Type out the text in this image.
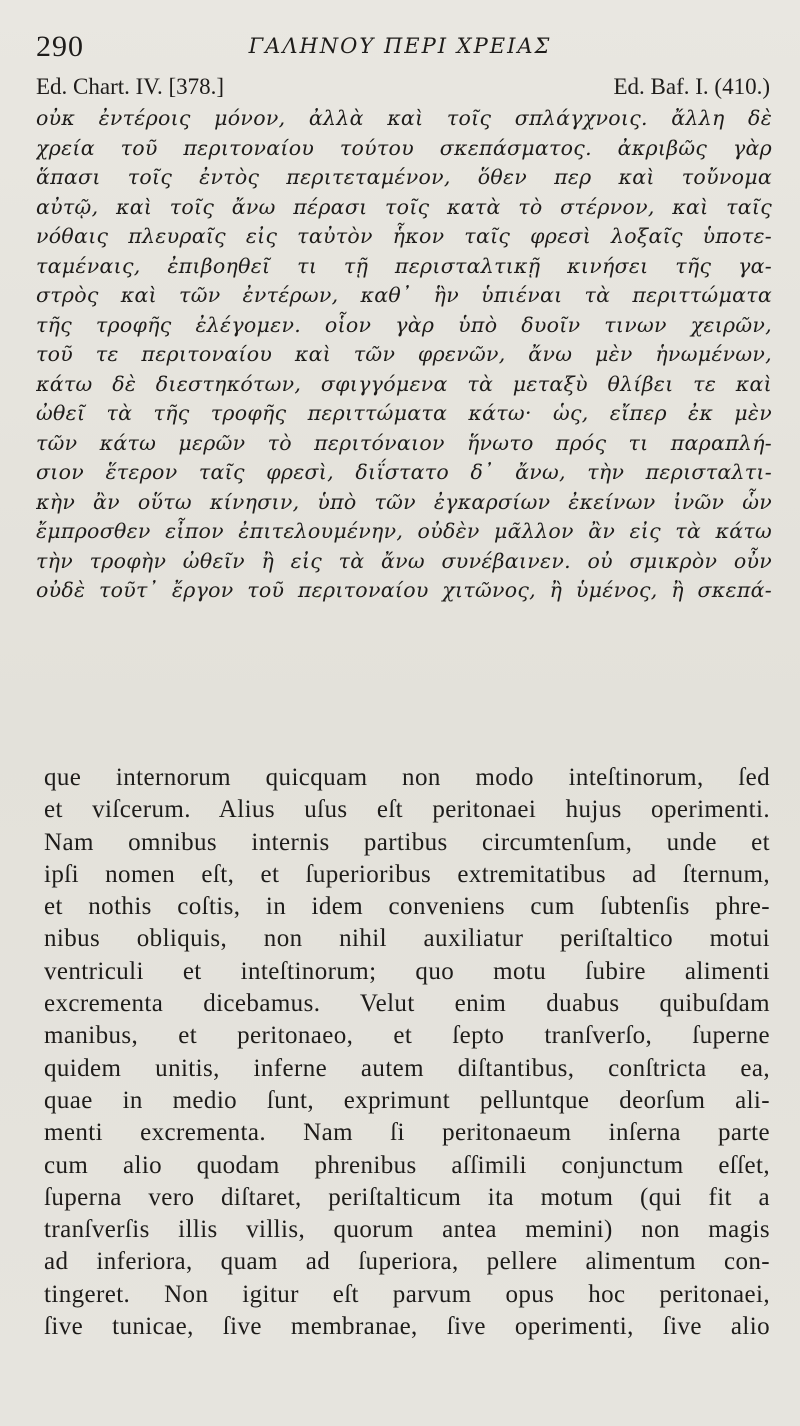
290	ΓΑΛΗΝΟΥ ΠΕΡΙ ΧΡΕΙΑΣ
Ed. Chart. IV. [378.]	Ed. Baf. I. (410.)
οὐκ ἐντέροις μόνον, ἀλλὰ καὶ τοῖς σπλάγχνοις. ἄλλη δὲ
χρεία τοῦ περιτοναίου τούτου σκεπάσματος. ἀκριβῶς γὰρ
ἅπασι τοῖς ἐντὸς περιτεταμένον, ὅθεν περ καὶ τοὔνομα
αὐτῷ, καὶ τοῖς ἄνω πέρασι τοῖς κατὰ τὸ στέρνον, καὶ ταῖς
νόθαις πλευραῖς εἰς ταὐτὸν ἧκον ταῖς φρεσὶ λοξαῖς ὑποτε-
ταμέναις, ἐπιβοηθεῖ τι τῇ περισταλτικῇ κινήσει τῆς γα-
στρὸς καὶ τῶν ἐντέρων, καθ᾽ ἣν ὑπιέναι τὰ περιττώματα
τῆς τροφῆς ἐλέγομεν. οἷον γὰρ ὑπὸ δυοῖν τινων χειρῶν,
τοῦ τε περιτοναίου καὶ τῶν φρενῶν, ἄνω μὲν ἡνωμένων,
κάτω δὲ διεστηκότων, σφιγγόμενα τὰ μεταξὺ θλίβει τε καὶ
ὠθεῖ τὰ τῆς τροφῆς περιττώματα κάτω· ὡς, εἴπερ ἐκ μὲν
τῶν κάτω μερῶν τὸ περιτόναιον ἥνωτο πρός τι παραπλή-
σιον ἕτερον ταῖς φρεσὶ, διΐστατο δ᾽ ἄνω, τὴν περισταλτι-
κὴν ἂν οὕτω κίνησιν, ὑπὸ τῶν ἐγκαρσίων ἐκείνων ἰνῶν ὧν
ἔμπροσθεν εἶπον ἐπιτελουμένην, οὐδὲν μᾶλλον ἂν εἰς τὰ κάτω
τὴν τροφὴν ὠθεῖν ἢ εἰς τὰ ἄνω συνέβαινεν. οὐ σμικρὸν οὖν
οὐδὲ τοῦτ᾽ ἔργον τοῦ περιτοναίου χιτῶνος, ἢ ὑμένος, ἢ σκεπά-
que internorum quicquam non modo inteſtinorum, ſed
et viſcerum. Alius uſus eſt peritonaei hujus operimenti.
Nam omnibus internis partibus circumtenſum, unde et
ipſi nomen eſt, et ſuperioribus extremitatibus ad ſternum,
et nothis coſtis, in idem conveniens cum ſubtenſis phre-
nibus obliquis, non nihil auxiliatur periſtaltico motui
ventriculi et inteſtinorum; quo motu ſubire alimenti
excrementa dicebamus. Velut enim duabus quibuſdam
manibus, et peritonaeo, et ſepto tranſverſo, ſuperne
quidem unitis, inferne autem diſtantibus, conſtricta ea,
quae in medio ſunt, exprimunt pelluntque deorſum ali-
menti excrementa. Nam ſi peritonaeum inſerna parte
cum alio quodam phrenibus aſſimili conjunctum eſſet,
ſuperna vero diſtaret, periſtalticum ita motum (qui fit a
tranſverſis illis villis, quorum antea memini) non magis
ad inferiora, quam ad ſuperiora, pellere alimentum con-
tingeret. Non igitur eſt parvum opus hoc peritonaei,
ſive tunicae, ſive membranae, ſive operimenti, ſive alio
